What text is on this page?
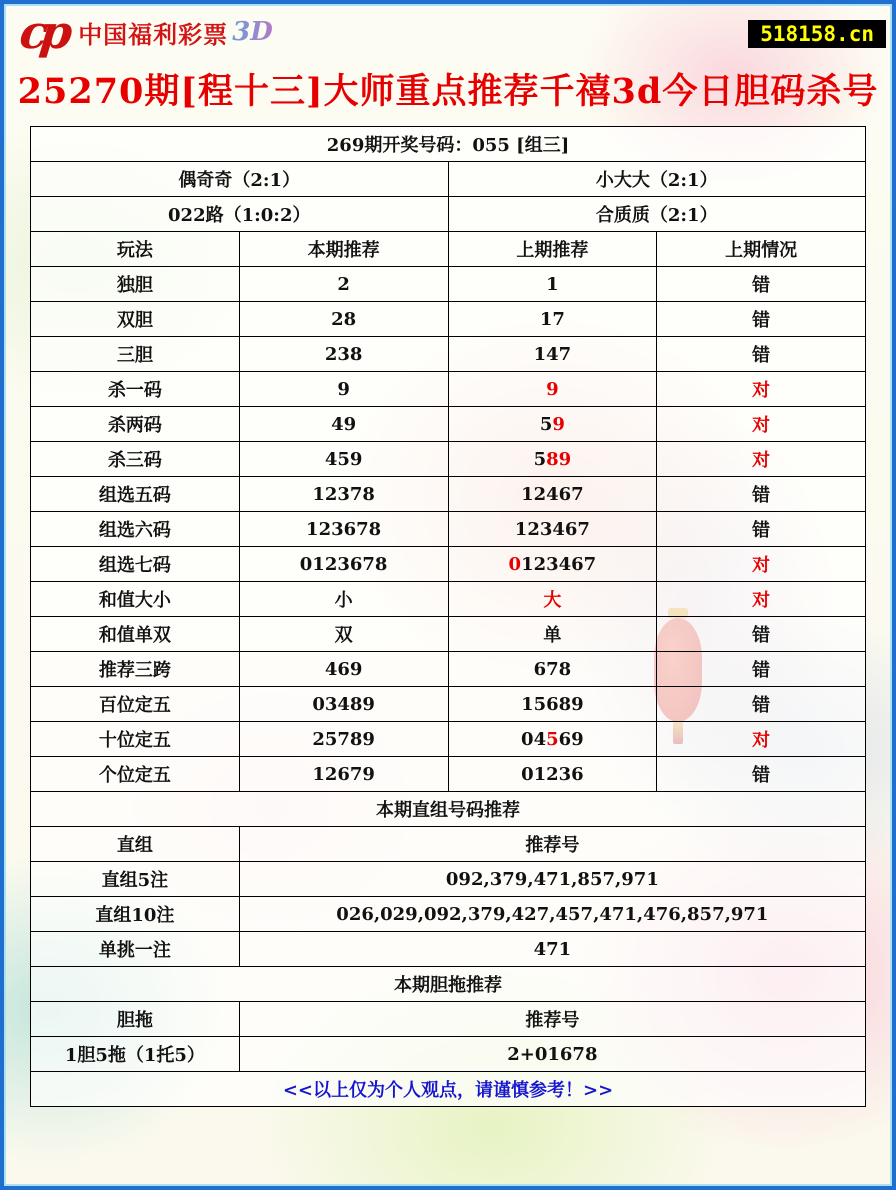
cp 中国福利彩票 3D	518158.cn
25270期[程十三]大师重点推荐千禧3d今日胆码杀号
269期开奖号码：055 [组三]			
偶奇奇（2:1）		小大大（2:1）	
022路（1:0:2）		合质质（2:1）	
玩法	本期推荐	上期推荐	上期情况
独胆	2	1	错
双胆	28	17	错
三胆	238	147	错
杀一码	9	9	对
杀两码	49	59	对
杀三码	459	589	对
组选五码	12378	12467	错
组选六码	123678	123467	错
组选七码	0123678	0123467	对
和值大小	小	大	对
和值单双	双	单	错
推荐三跨	469	678	错
百位定五	03489	15689	错
十位定五	25789	04569	对
个位定五	12679	01236	错
本期直组号码推荐			
直组	推荐号		
直组5注	092,379,471,857,971		
直组10注	026,029,092,379,427,457,471,476,857,971		
单挑一注	471		
本期胆拖推荐			
胆拖	推荐号		
1胆5拖（1托5）	2+01678		
<<以上仅为个人观点，请谨慎参考！>>			
